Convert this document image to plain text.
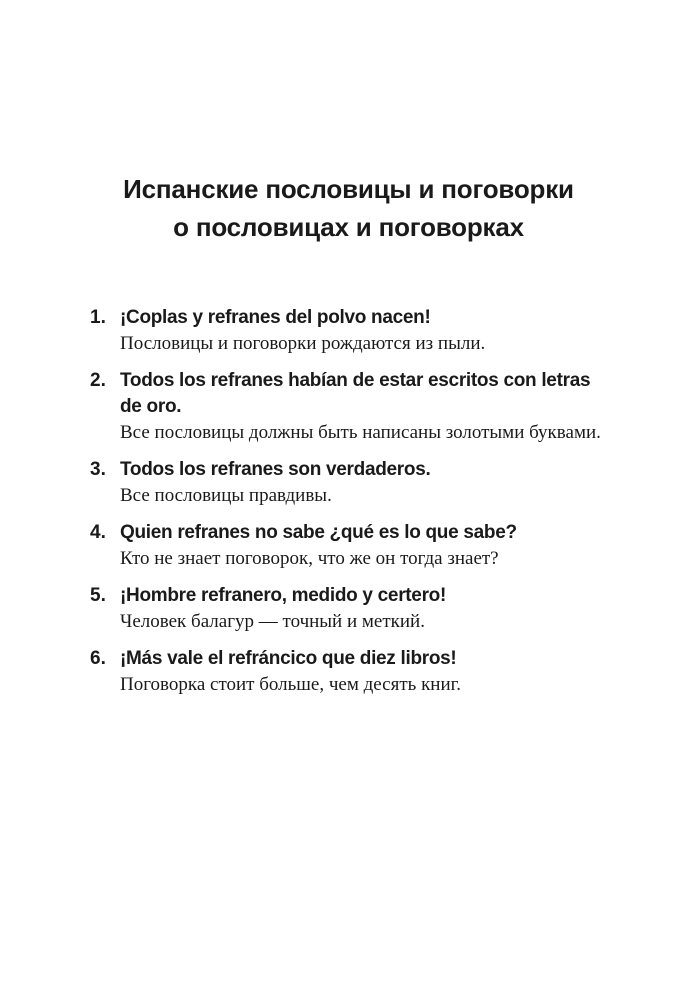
Испанские пословицы и поговорки
о пословицах и поговорках
1. ¡Coplas y refranes del polvo nacen!
Пословицы и поговорки рождаются из пыли.
2. Todos los refranes habían de estar escritos con letras de oro.
Все пословицы должны быть написаны золотыми буквами.
3. Todos los refranes son verdaderos.
Все пословицы правдивы.
4. Quien refranes no sabe ¿qué es lo que sabe?
Кто не знает поговорок, что же он тогда знает?
5. ¡Hombre refranero, medido y certero!
Человек балагур — точный и меткий.
6. ¡Más vale el refráncico que diez libros!
Поговорка стоит больше, чем десять книг.
